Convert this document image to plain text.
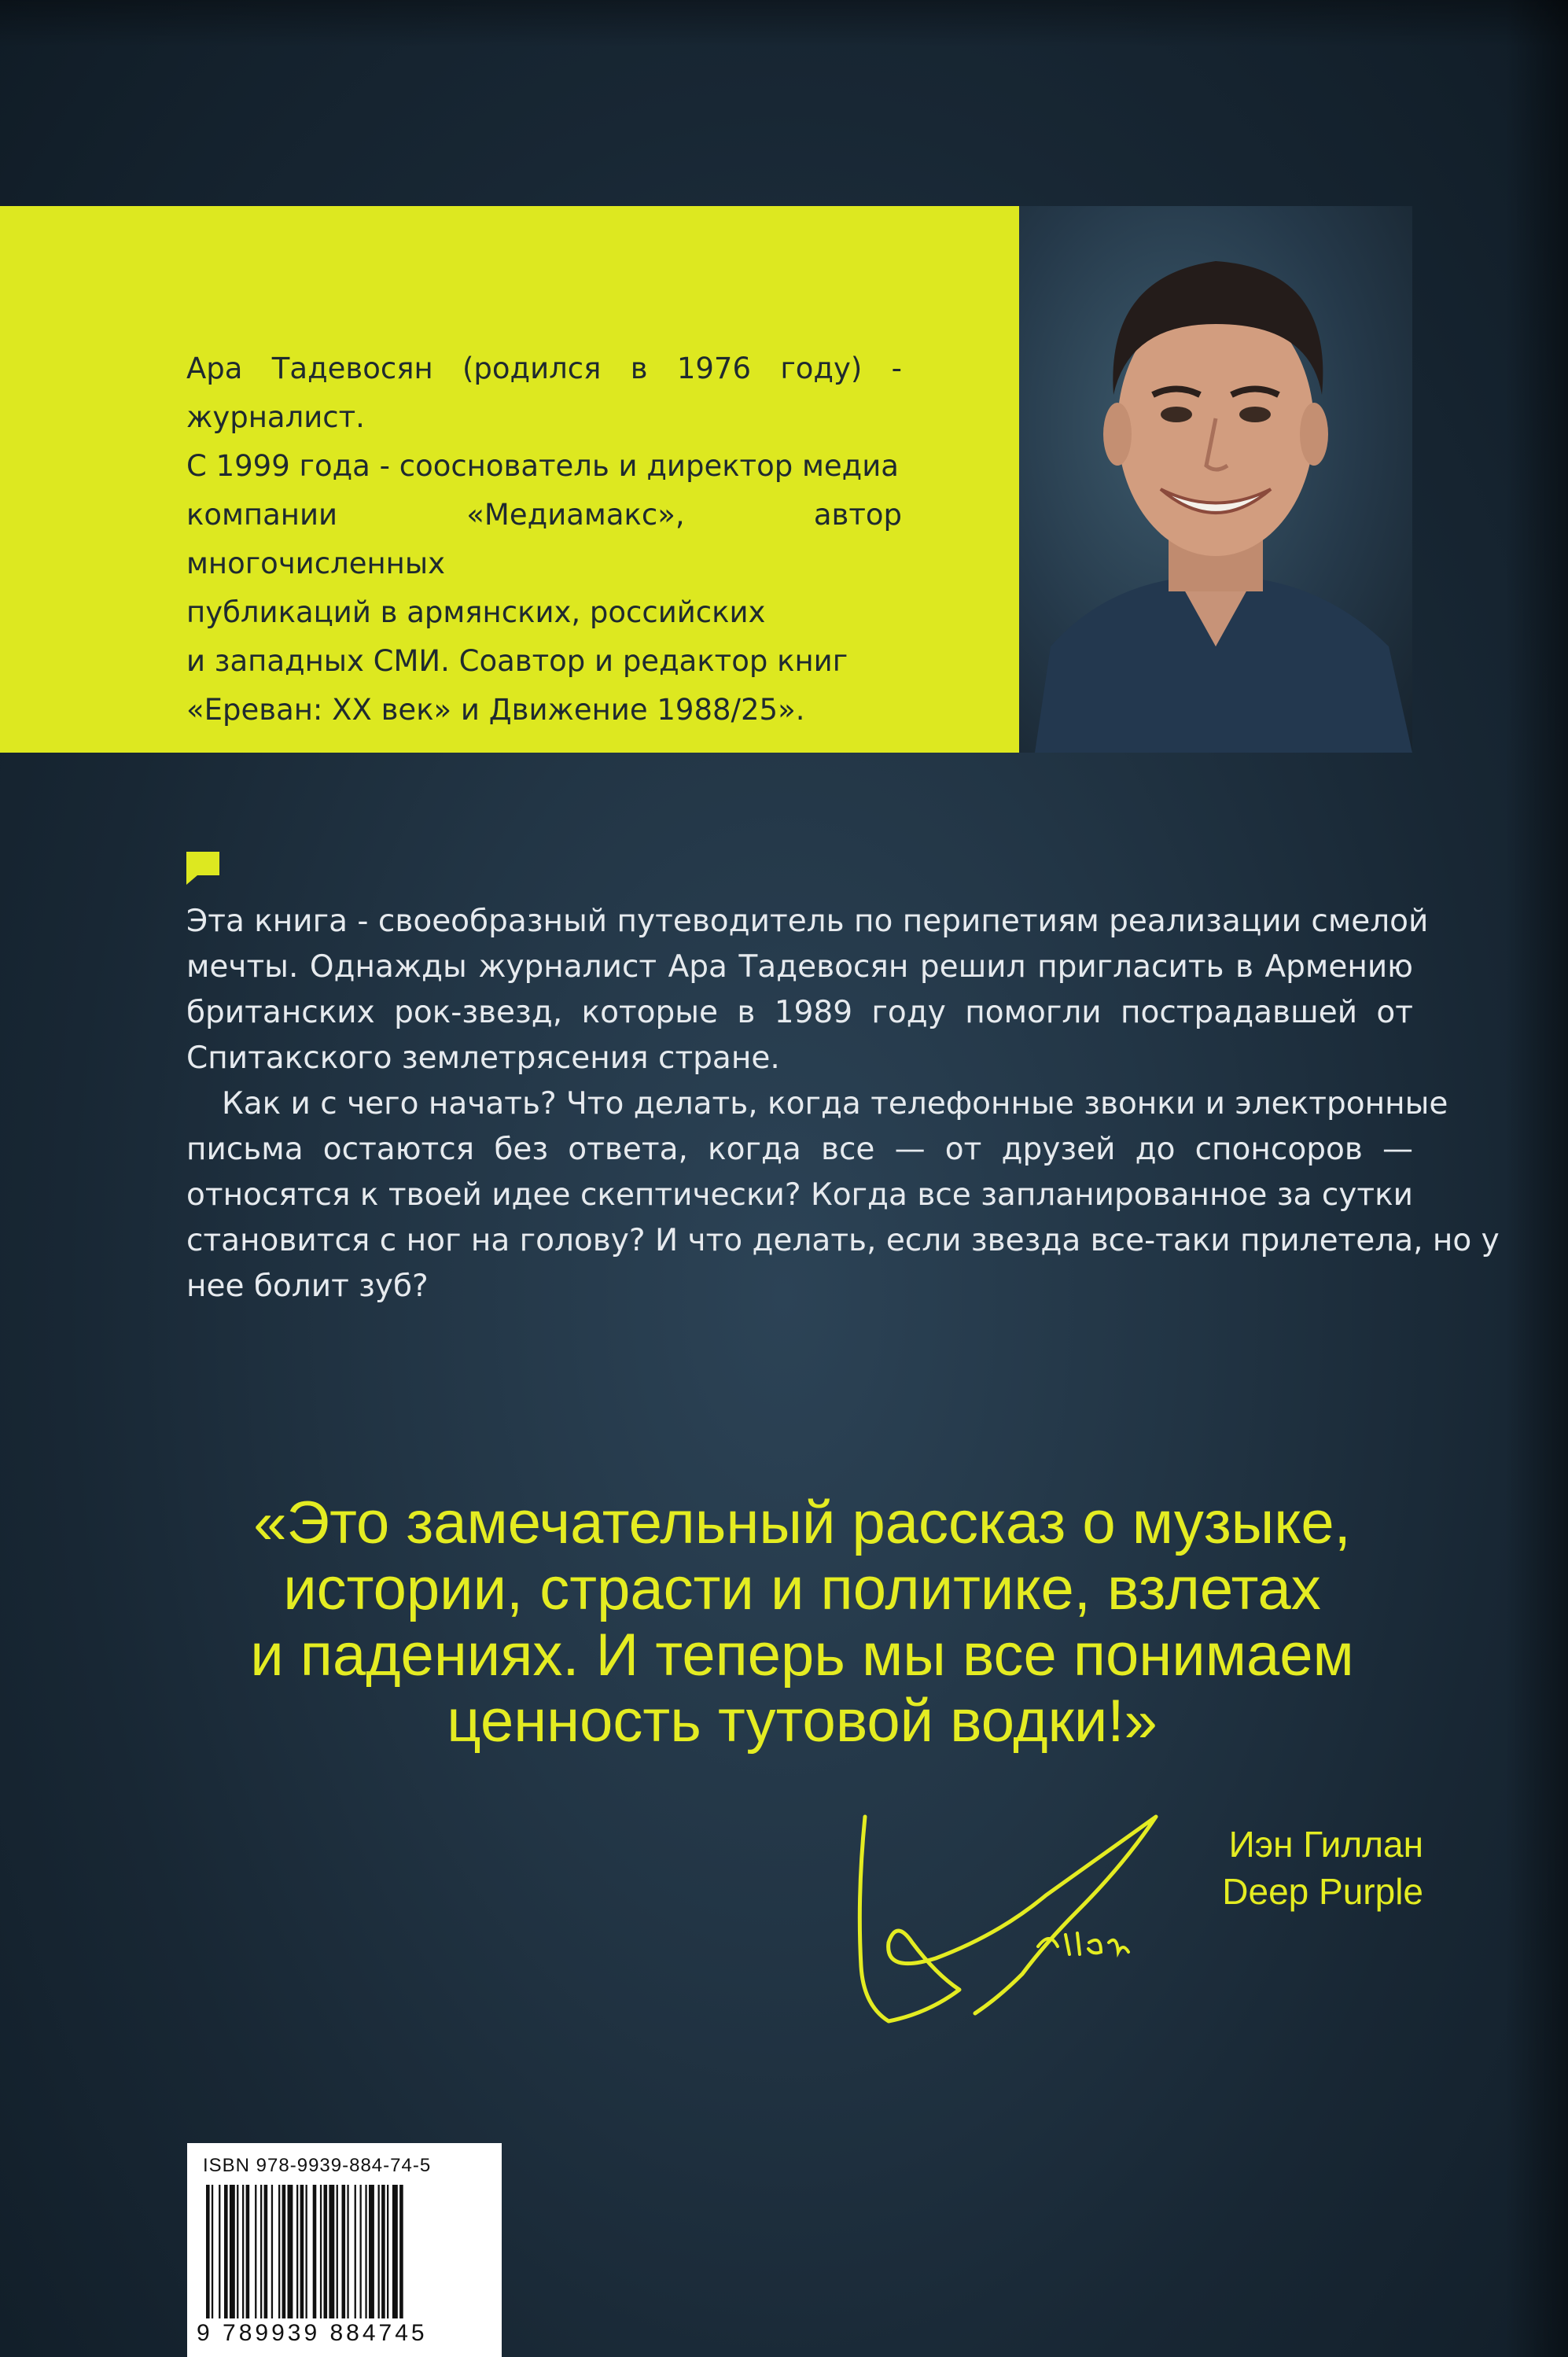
Ара Тадевосян (родился в 1976 году) - журналист.
С 1999 года - сооснователь и директор медиа
компании «Медиамакс», автор многочисленных
публикаций в армянских, российских
и западных СМИ. Соавтор и редактор книг
«Ереван: XX век» и Движение 1988/25».
Эта книга - своеобразный путеводитель по перипетиям реализации смелой
мечты. Однажды журналист Ара Тадевосян решил пригласить в Армению
британских рок-звезд, которые в 1989 году помогли пострадавшей от
Спитакского землетрясения стране.
Как и с чего начать? Что делать, когда телефонные звонки и электронные
письма остаются без ответа, когда все — от друзей до спонсоров —
относятся к твоей идее скептически? Когда все запланированное за сутки
становится с ног на голову? И что делать, если звезда все-таки прилетела, но у
нее болит зуб?
«Это замечательный рассказ о музыке,
истории, страсти и политике, взлетах
и падениях. И теперь мы все понимаем
ценность тутовой водки!»
Иэн Гиллан
Deep Purple
ISBN 978-9939-884-74-5
9 789939 884745
